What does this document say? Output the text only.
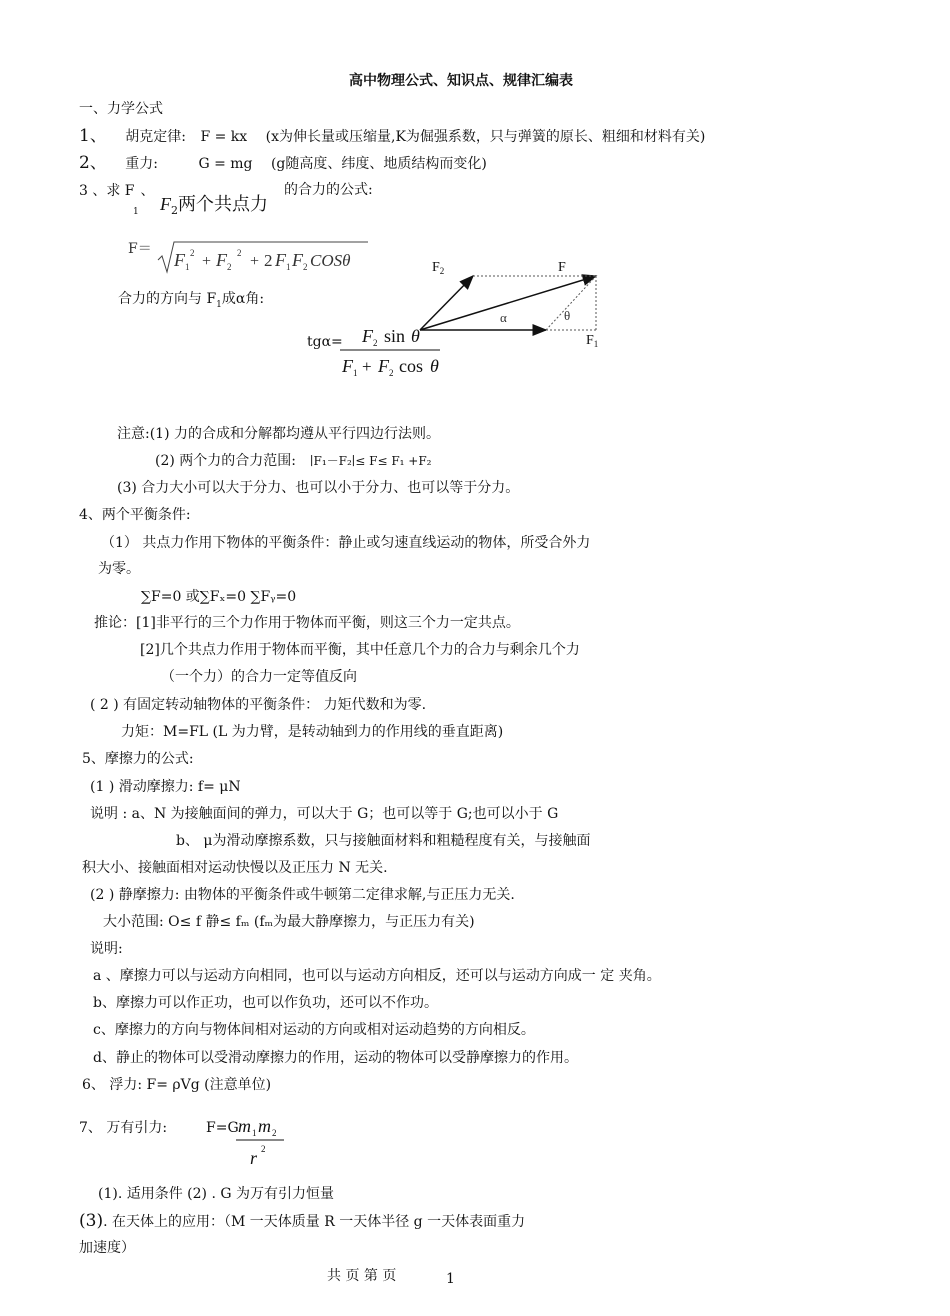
高中物理公式、知识点、规律汇编表
一、力学公式
1、 胡克定律: F = kx (x为伸长量或压缩量,K为倔强系数，只与弹簧的原长、粗细和材料有关)
2、 重力:	G = mg (g随高度、纬度、地质结构而变化)
3 、求 F 、
1 $F_2$两个共点力
的合力的公式:
F＝
F 1
2 + F 2
2 + 2 F 1 F 2 COSθ
合力的方向与 $F_1$成α角:
tgα= F 2 sin θ
F 1 + F 2 cos θ
$F_2$	F
$F_1$
α	θ
注意:(1) 力的合成和分解都均遵从平行四边行法则。
(2) 两个力的合力范围: ∣F₁－F₂∣≤ F≤ F₁ +F₂
(3) 合力大小可以大于分力、也可以小于分力、也可以等于分力。
4、两个平衡条件:
（1） 共点力作用下物体的平衡条件：静止或匀速直线运动的物体，所受合外力
为零。
∑F=0 或∑Fₓ=0 ∑Fᵧ=0
推论：[1]非平行的三个力作用于物体而平衡，则这三个力一定共点。
[2]几个共点力作用于物体而平衡，其中任意几个力的合力与剩余几个力
（一个力）的合力一定等值反向
( 2 ) 有固定转动轴物体的平衡条件： 力矩代数和为零.
力矩：M=FL (L 为力臂，是转动轴到力的作用线的垂直距离)
5、摩擦力的公式:
(1 ) 滑动摩擦力: f= μN
说明 : a、N 为接触面间的弹力，可以大于 G；也可以等于 G;也可以小于 G
b、 μ为滑动摩擦系数，只与接触面材料和粗糙程度有关，与接触面
积大小、接触面相对运动快慢以及正压力 N 无关.
(2 ) 静摩擦力: 由物体的平衡条件或牛顿第二定律求解,与正压力无关.
大小范围: O≤ f 静≤ fₘ (fₘ为最大静摩擦力，与正压力有关)
说明:
a 、摩擦力可以与运动方向相同，也可以与运动方向相反，还可以与运动方向成一 定 夹角。
b、摩擦力可以作正功，也可以作负功，还可以不作功。
c、摩擦力的方向与物体间相对运动的方向或相对运动趋势的方向相反。
d、静止的物体可以受滑动摩擦力的作用，运动的物体可以受静摩擦力的作用。
6、 浮力: F= ρVg (注意单位)
7、 万有引力:	F=G m 1 m 2
r 2
(1). 适用条件 (2) . G 为万有引力恒量
(3). 在天体上的应用：（M 一天体质量 R 一天体半径 g 一天体表面重力
加速度）
共 页 第 页	1
